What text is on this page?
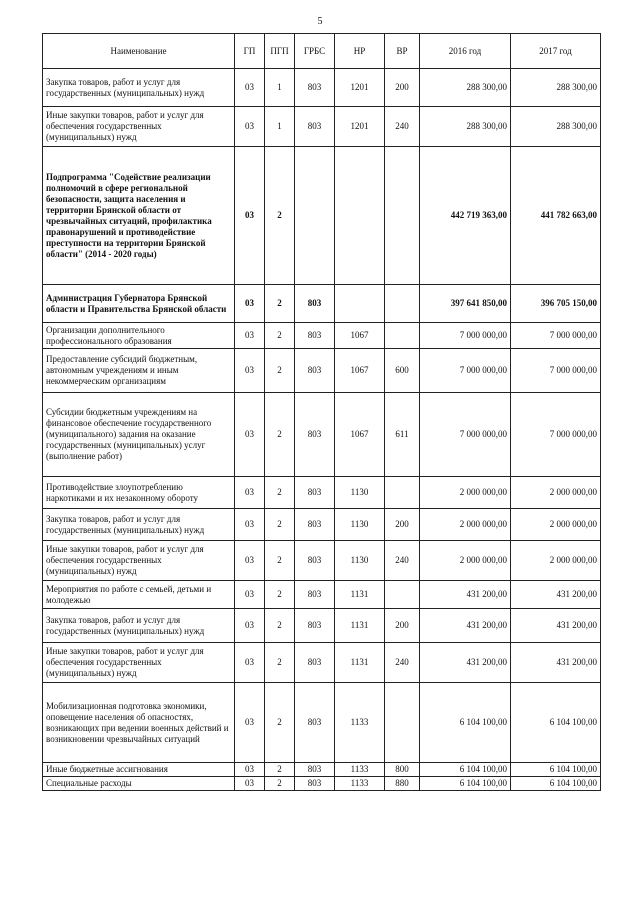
5
Наименование	ГП	ПГП	ГРБС	НР	ВР	2016 год	2017 год
Закупка товаров, работ и услуг для государственных (муниципальных) нужд	03	1	803	1201	200	288 300,00	288 300,00
Иные закупки товаров, работ и услуг для обеспечения государственных (муниципальных) нужд	03	1	803	1201	240	288 300,00	288 300,00
Подпрограмма "Содействие реализации полномочий в сфере региональной безопасности, защита населения и территории Брянской области от чрезвычайных ситуаций, профилактика правонарушений и противодействие преступности на территории Брянской области" (2014 - 2020 годы)	03	2				442 719 363,00	441 782 663,00
Администрация Губернатора Брянской области и Правительства Брянской области	03	2	803			397 641 850,00	396 705 150,00
Организации дополнительного профессионального образования	03	2	803	1067		7 000 000,00	7 000 000,00
Предоставление субсидий бюджетным, автономным учреждениям и иным некоммерческим организациям	03	2	803	1067	600	7 000 000,00	7 000 000,00
Субсидии бюджетным учреждениям на финансовое обеспечение государственного (муниципального) задания на оказание государственных (муниципальных) услуг (выполнение работ)	03	2	803	1067	611	7 000 000,00	7 000 000,00
Противодействие злоупотреблению наркотиками и их незаконному обороту	03	2	803	1130		2 000 000,00	2 000 000,00
Закупка товаров, работ и услуг для государственных (муниципальных) нужд	03	2	803	1130	200	2 000 000,00	2 000 000,00
Иные закупки товаров, работ и услуг для обеспечения государственных (муниципальных) нужд	03	2	803	1130	240	2 000 000,00	2 000 000,00
Мероприятия по работе с семьей, детьми и молодежью	03	2	803	1131		431 200,00	431 200,00
Закупка товаров, работ и услуг для государственных (муниципальных) нужд	03	2	803	1131	200	431 200,00	431 200,00
Иные закупки товаров, работ и услуг для обеспечения государственных (муниципальных) нужд	03	2	803	1131	240	431 200,00	431 200,00
Мобилизационная подготовка экономики, оповещение населения об опасностях, возникающих при ведении военных действий и возникновении чрезвычайных ситуаций	03	2	803	1133		6 104 100,00	6 104 100,00
Иные бюджетные ассигнования	03	2	803	1133	800	6 104 100,00	6 104 100,00
Специальные расходы	03	2	803	1133	880	6 104 100,00	6 104 100,00
